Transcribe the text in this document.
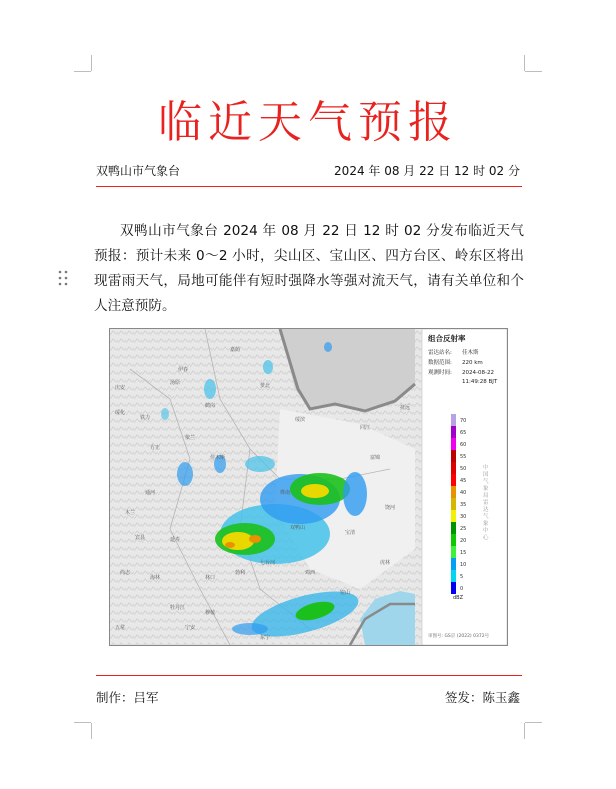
临近天气预报
双鸭山市气象台	2024 年 08 月 22 日 12 时 02 分
双鸭山市气象台 2024 年 08 月 22 日 12 时 02 分发布临近天气预报：预计未来 0～2 小时，尖山区、宝山区、四方台区、岭东区将出现雷雨天气，局地可能伴有短时强降水等强对流天气，请有关单位和个人注意预防。
嘉荫
萝北
绥滨
同江
伊春
鹤岗
汤原
桦南
富锦
佳木斯
抚远
双鸭山
宝清
饶河
七台河
勃利
方正
依兰
通河
林口
虎林
鸡西
穆棱
牡丹江
密山
海林
宁安
东宁
五常
尚志
延寿
宾县
木兰
铁力
庆安
绥化
组合反射率
雷达站名: 佳木斯
数据范围: 220 km
观测时间: 2024-08-22
11:49:28 BJT
dBZ
审图号: GS京 (2022) 0372号
70
65
60
55
50
45
40
35
30
25
20
15
10
5
0
中国气象局雷达气象中心
制作：吕军	签发：陈玉鑫
